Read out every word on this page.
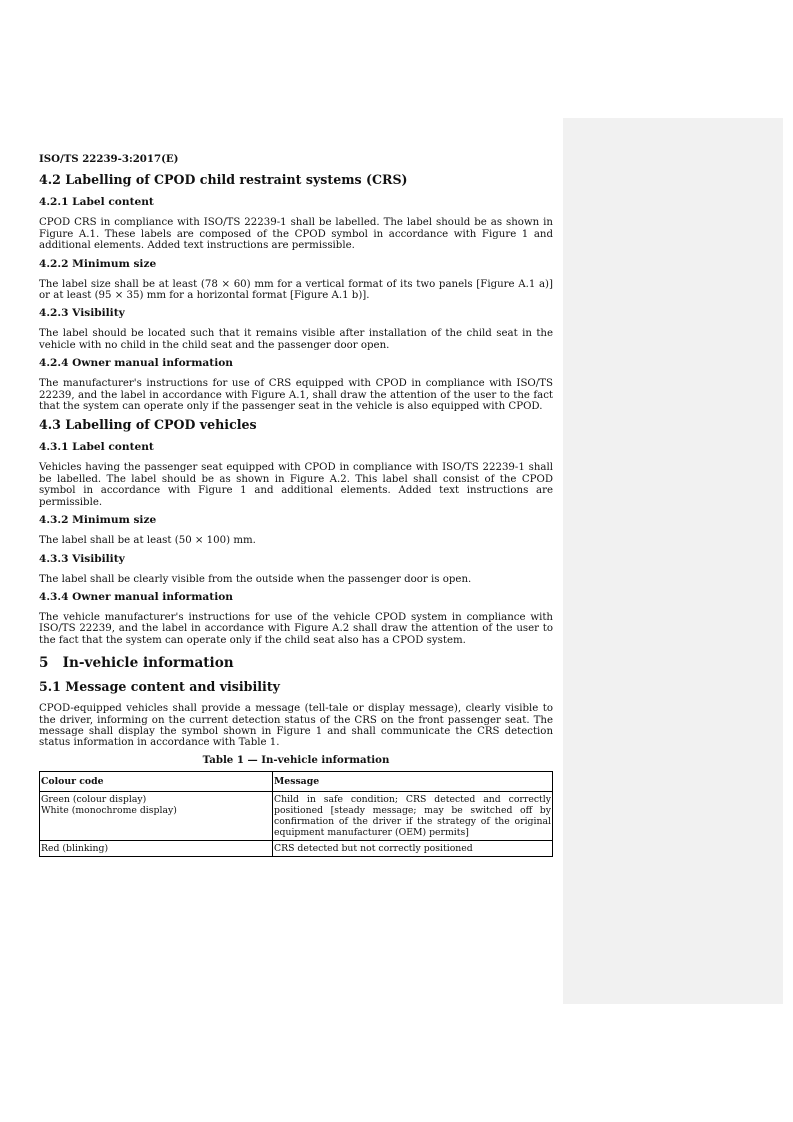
ISO/TS 22239-3:2017(E)
4.2 Labelling of CPOD child restraint systems (CRS)
4.2.1 Label content

CPOD CRS in compliance with ISO/TS 22239-1 shall be labelled. The label should be as shown in Figure A.1. These labels are composed of the CPOD symbol in accordance with Figure 1 and additional elements. Added text instructions are permissible.

4.2.2 Minimum size

The label size shall be at least (78 × 60) mm for a vertical format of its two panels [Figure A.1 a)] or at least (95 × 35) mm for a horizontal format [Figure A.1 b)].

4.2.3 Visibility

The label should be located such that it remains visible after installation of the child seat in the vehicle with no child in the child seat and the passenger door open.

4.2.4 Owner manual information

The manufacturer's instructions for use of CRS equipped with CPOD in compliance with ISO/TS 22239, and the label in accordance with Figure A.1, shall draw the attention of the user to the fact that the system can operate only if the passenger seat in the vehicle is also equipped with CPOD.

4.3 Labelling of CPOD vehicles
4.3.1 Label content

Vehicles having the passenger seat equipped with CPOD in compliance with ISO/TS 22239-1 shall be labelled. The label should be as shown in Figure A.2. This label shall consist of the CPOD symbol in accordance with Figure 1 and additional elements. Added text instructions are permissible.

4.3.2 Minimum size

The label shall be at least (50 × 100) mm.

4.3.3 Visibility

The label shall be clearly visible from the outside when the passenger door is open.

4.3.4 Owner manual information

The vehicle manufacturer's instructions for use of the vehicle CPOD system in compliance with ISO/TS 22239, and the label in accordance with Figure A.2 shall draw the attention of the user to the fact that the system can operate only if the child seat also has a CPOD system.

5   In-vehicle information
5.1 Message content and visibility

CPOD-equipped vehicles shall provide a message (tell-tale or display message), clearly visible to the driver, informing on the current detection status of the CRS on the front passenger seat. The message shall display the symbol shown in Figure 1 and shall communicate the CRS detection status information in accordance with Table 1.

Table 1 — In-vehicle information
Colour code	Message

Green (colour display)
White (monochrome display)	Child in safe condition; CRS detected and correctly positioned [steady message; may be switched off by confirmation of the driver if the strategy of the original equipment manufacturer (OEM) permits]
Red (blinking)	CRS detected but not correctly positioned
